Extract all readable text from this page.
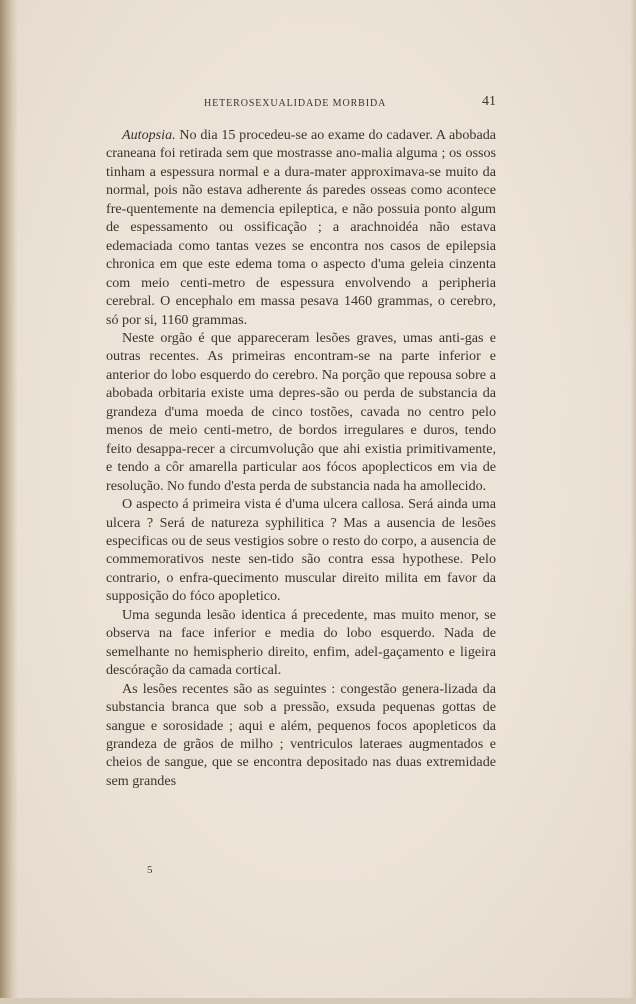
HETEROSEXUALIDADE MORBIDA	41

Autopsia. No dia 15 procedeu-se ao exame do cadaver. A abobada craneana foi retirada sem que mostrasse ano-malia alguma ; os ossos tinham a espessura normal e a dura-mater approximava-se muito da normal, pois não estava adherente ás paredes osseas como acontece fre-quentemente na demencia epileptica, e não possuia ponto algum de espessamento ou ossificação ; a arachnoidéa não estava edemaciada como tantas vezes se encontra nos casos de epilepsia chronica em que este edema toma o aspecto d'uma geleia cinzenta com meio centi-metro de espessura envolvendo a peripheria cerebral. O encephalo em massa pesava 1460 grammas, o cerebro, só por si, 1160 grammas.

Neste orgão é que appareceram lesões graves, umas anti-gas e outras recentes. As primeiras encontram-se na parte inferior e anterior do lobo esquerdo do cerebro. Na porção que repousa sobre a abobada orbitaria existe uma depres-são ou perda de substancia da grandeza d'uma moeda de cinco tostões, cavada no centro pelo menos de meio centi-metro, de bordos irregulares e duros, tendo feito desappa-recer a circumvolução que ahi existia primitivamente, e tendo a côr amarella particular aos fócos apoplecticos em via de resolução. No fundo d'esta perda de substancia nada ha amollecido.

O aspecto á primeira vista é d'uma ulcera callosa. Será ainda uma ulcera ? Será de natureza syphilitica ? Mas a ausencia de lesões especificas ou de seus vestigios sobre o resto do corpo, a ausencia de commemorativos neste sen-tido são contra essa hypothese. Pelo contrario, o enfra-quecimento muscular direito milita em favor da supposição do fóco apopletico.

Uma segunda lesão identica á precedente, mas muito menor, se observa na face inferior e media do lobo esquerdo. Nada de semelhante no hemispherio direito, enfim, adel-gaçamento e ligeira descóração da camada cortical.

As lesões recentes são as seguintes : congestão genera-lizada da substancia branca que sob a pressão, exsuda pequenas gottas de sangue e sorosidade ; aqui e além, pequenos focos apopleticos da grandeza de grãos de milho ; ventriculos lateraes augmentados e cheios de sangue, que se encontra depositado nas duas extremidade sem grandes

5
